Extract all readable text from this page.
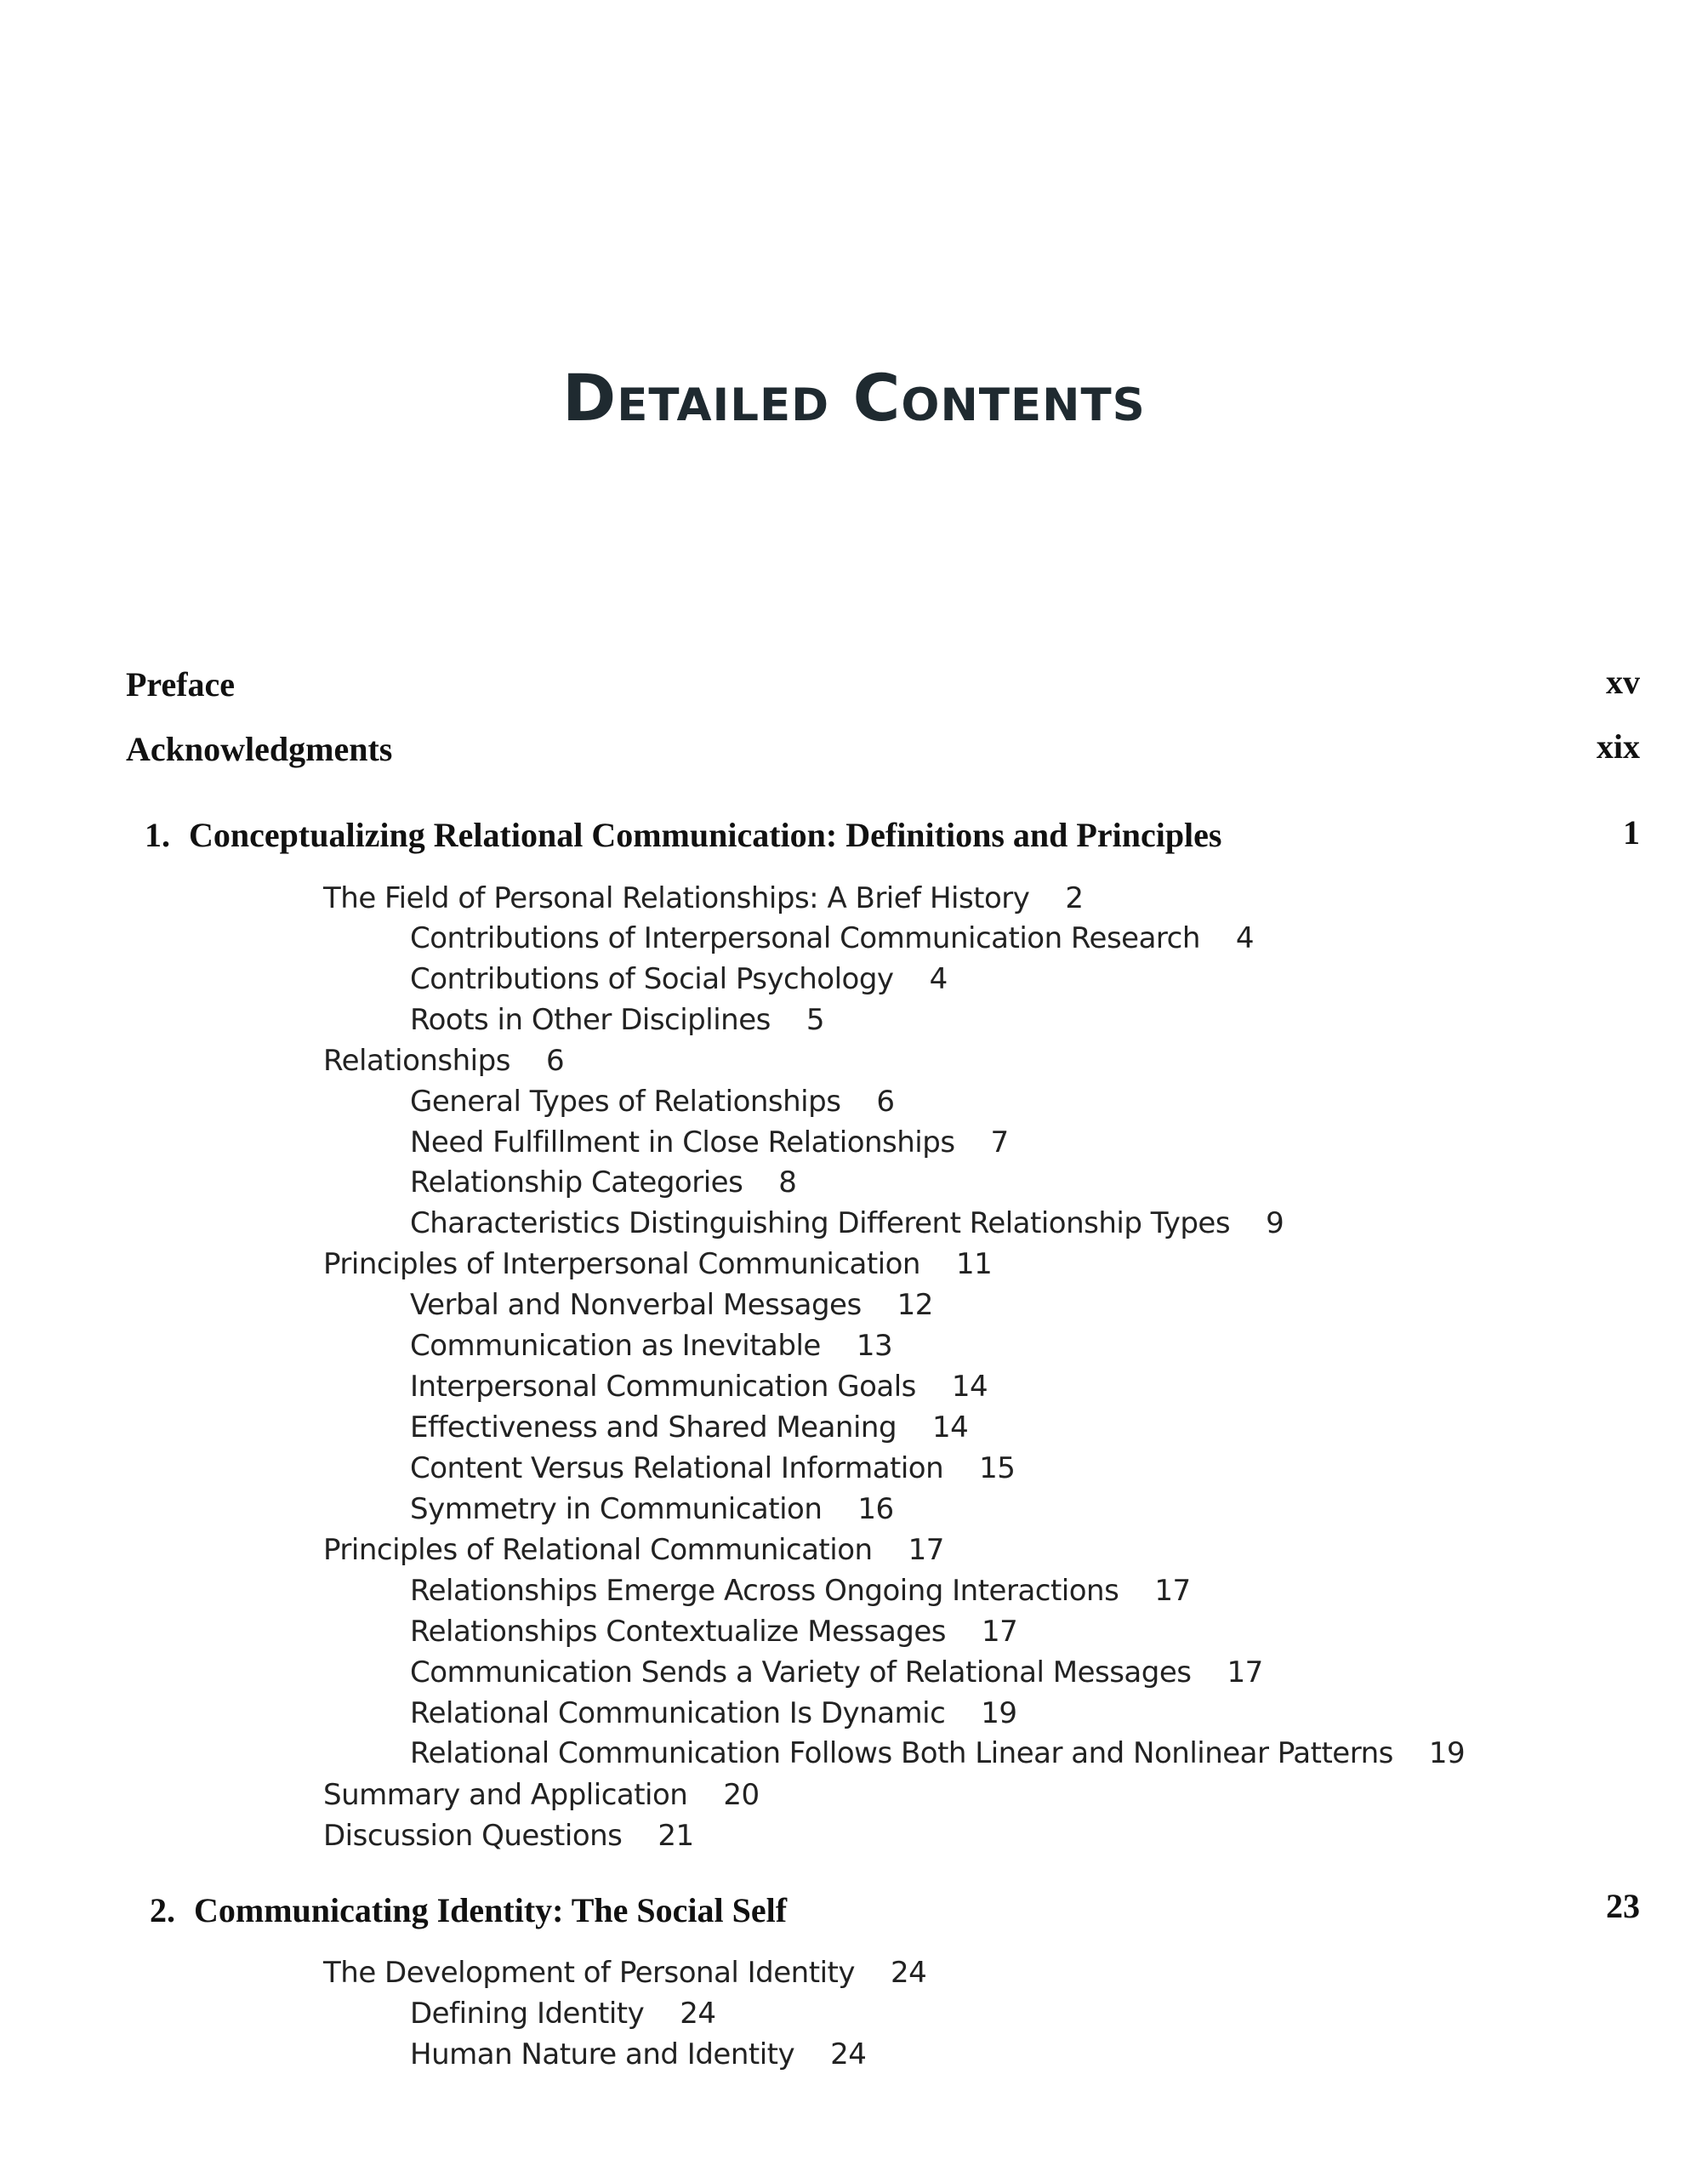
Detailed Contents
Preface	xv
Acknowledgments	xix
1. Conceptualizing Relational Communication: Definitions and Principles	1
The Field of Personal Relationships: A Brief History 2
Contributions of Interpersonal Communication Research 4
Contributions of Social Psychology 4
Roots in Other Disciplines 5
Relationships 6
General Types of Relationships 6
Need Fulfillment in Close Relationships 7
Relationship Categories 8
Characteristics Distinguishing Different Relationship Types 9
Principles of Interpersonal Communication 11
Verbal and Nonverbal Messages 12
Communication as Inevitable 13
Interpersonal Communication Goals 14
Effectiveness and Shared Meaning 14
Content Versus Relational Information 15
Symmetry in Communication 16
Principles of Relational Communication 17
Relationships Emerge Across Ongoing Interactions 17
Relationships Contextualize Messages 17
Communication Sends a Variety of Relational Messages 17
Relational Communication Is Dynamic 19
Relational Communication Follows Both Linear and Nonlinear Patterns 19
Summary and Application 20
Discussion Questions 21
2. Communicating Identity: The Social Self	23
The Development of Personal Identity 24
Defining Identity 24
Human Nature and Identity 24
